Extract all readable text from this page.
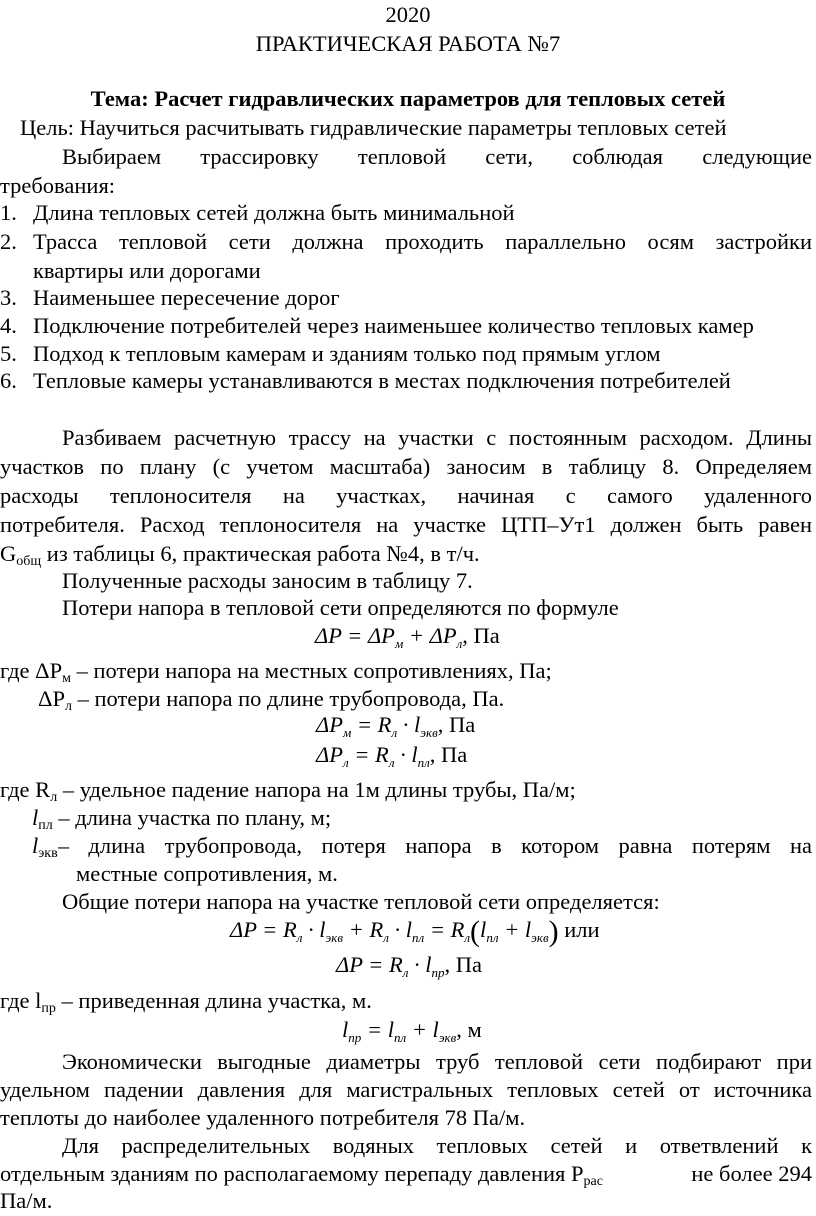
2020
ПРАКТИЧЕСКАЯ РАБОТА №7
Тема: Расчет гидравлических параметров для тепловых сетей
Цель: Научиться расчитывать гидравлические параметры тепловых сетей
Выбираем трассировку тепловой сети, соблюдая следующие
требования:
1. Длина тепловых сетей должна быть минимальной
2. Трасса тепловой сети должна проходить параллельно осям застройки
квартиры или дорогами
3. Наименьшее пересечение дорог
4. Подключение потребителей через наименьшее количество тепловых камер
5. Подход к тепловым камерам и зданиям только под прямым углом
6. Тепловые камеры устанавливаются в местах подключения потребителей
Разбиваем расчетную трассу на участки с постоянным расходом. Длины
участков по плану (с учетом масштаба) заносим в таблицу 8. Определяем
расходы теплоносителя на участках, начиная с самого удаленного
потребителя. Расход теплоносителя на участке ЦТП–Ут1 должен быть равен
$G_{общ}$ из таблицы 6, практическая работа №4, в т/ч.
Полученные расходы заносим в таблицу 7.
Потери напора в тепловой сети определяются по формуле
$\Delta P = \Delta P_м + \Delta P_л$, Па
где $\Delta Р_м$ – потери напора на местных сопротивлениях, Па;
$\Delta Р_л$ – потери напора по длине трубопровода, Па.
$\Delta P_м = R_л \cdot l_{экв}$, Па
$\Delta P_л = R_л \cdot l_{пл}$, Па
где $R_л$ – удельное падение напора на 1м длины трубы, Па/м;
$l_{пл}$ – длина участка по плану, м;
$l_{экв}$ – длина трубопровода, потеря напора в котором равна потерям на
местные сопротивления, м.
Общие потери напора на участке тепловой сети определяется:
$\Delta P = R_л \cdot l_{экв} + R_л \cdot l_{пл} = R_л(l_{пл} + l_{экв})$ или
$\Delta P = R_л \cdot l_{пр}$, Па
где $l_{пр}$ – приведенная длина участка, м.
$l_{пр} = l_{пл} + l_{экв}$, м
Экономически выгодные диаметры труб тепловой сети подбирают при
удельном падении давления для магистральных тепловых сетей от источника
теплоты до наиболее удаленного потребителя 78 Па/м.
Для распределительных водяных тепловых сетей и ответвлений к
отдельным зданиям по располагаемому перепаду давления $Р_{рас}$	не более 294
Па/м.
